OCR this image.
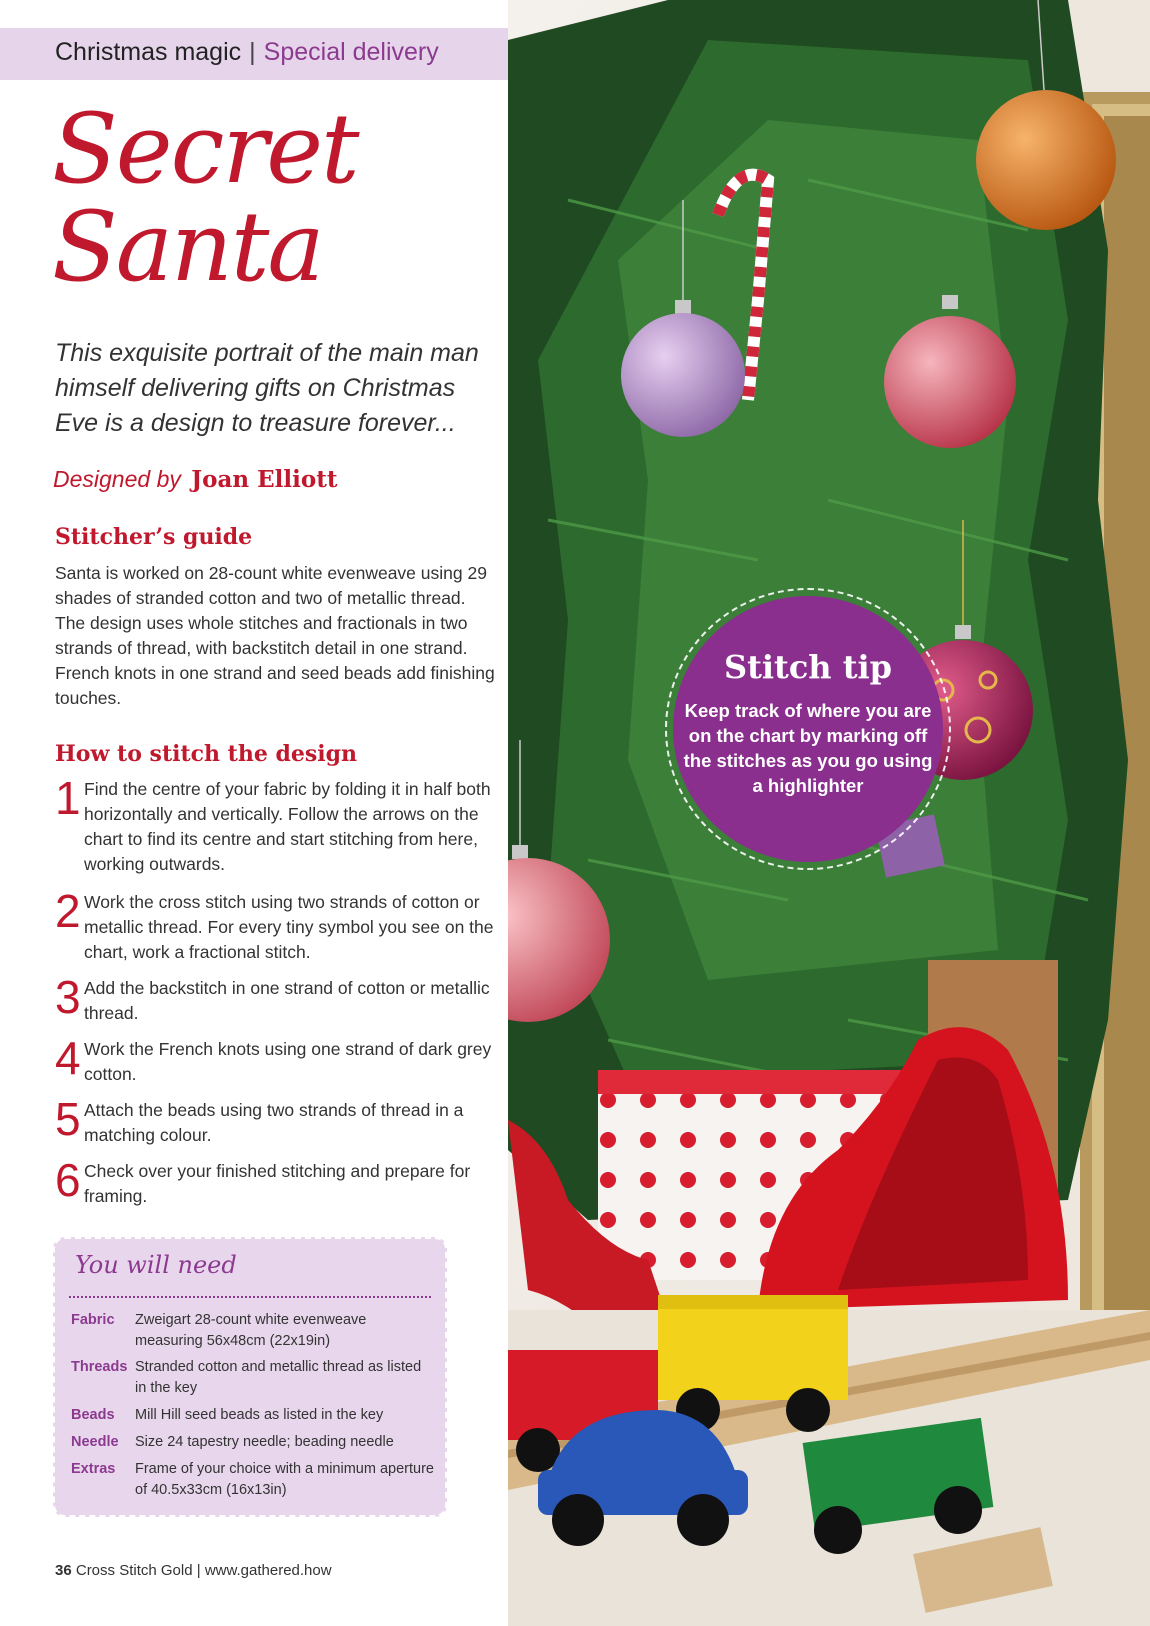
Christmas magic | Special delivery
Secret
Santa

This exquisite portrait of the main man himself delivering gifts on Christmas Eve is a design to treasure forever...

Designed by Joan Elliott
Stitcher’s guide

Santa is worked on 28-count white evenweave using 29 shades of stranded cotton and two of metallic thread. The design uses whole stitches and fractionals in two strands of thread, with backstitch detail in one strand. French knots in one strand and seed beads add finishing touches.

How to stitch the design
1 Find the centre of your fabric by folding it in half both horizontally and vertically. Follow the arrows on the chart to find its centre and start stitching from here, working outwards.
2 Work the cross stitch using two strands of cotton or metallic thread. For every tiny symbol you see on the chart, work a fractional stitch.
3 Add the backstitch in one strand of cotton or metallic thread.
4 Work the French knots using one strand of dark grey cotton.
5 Attach the beads using two strands of thread in a matching colour.
6 Check over your finished stitching and prepare for framing.
You will need
Fabric Zweigart 28-count white evenweave measuring 56x48cm (22x19in)
Threads Stranded cotton and metallic thread as listed in the key
Beads Mill Hill seed beads as listed in the key
Needle Size 24 tapestry needle; beading needle
Extras Frame of your choice with a minimum aperture of 40.5x33cm (16x13in)
36 Cross Stitch Gold | www.gathered.how
Stitch tip
Keep track of where you are on the chart by marking off the stitches as you go using a highlighter
